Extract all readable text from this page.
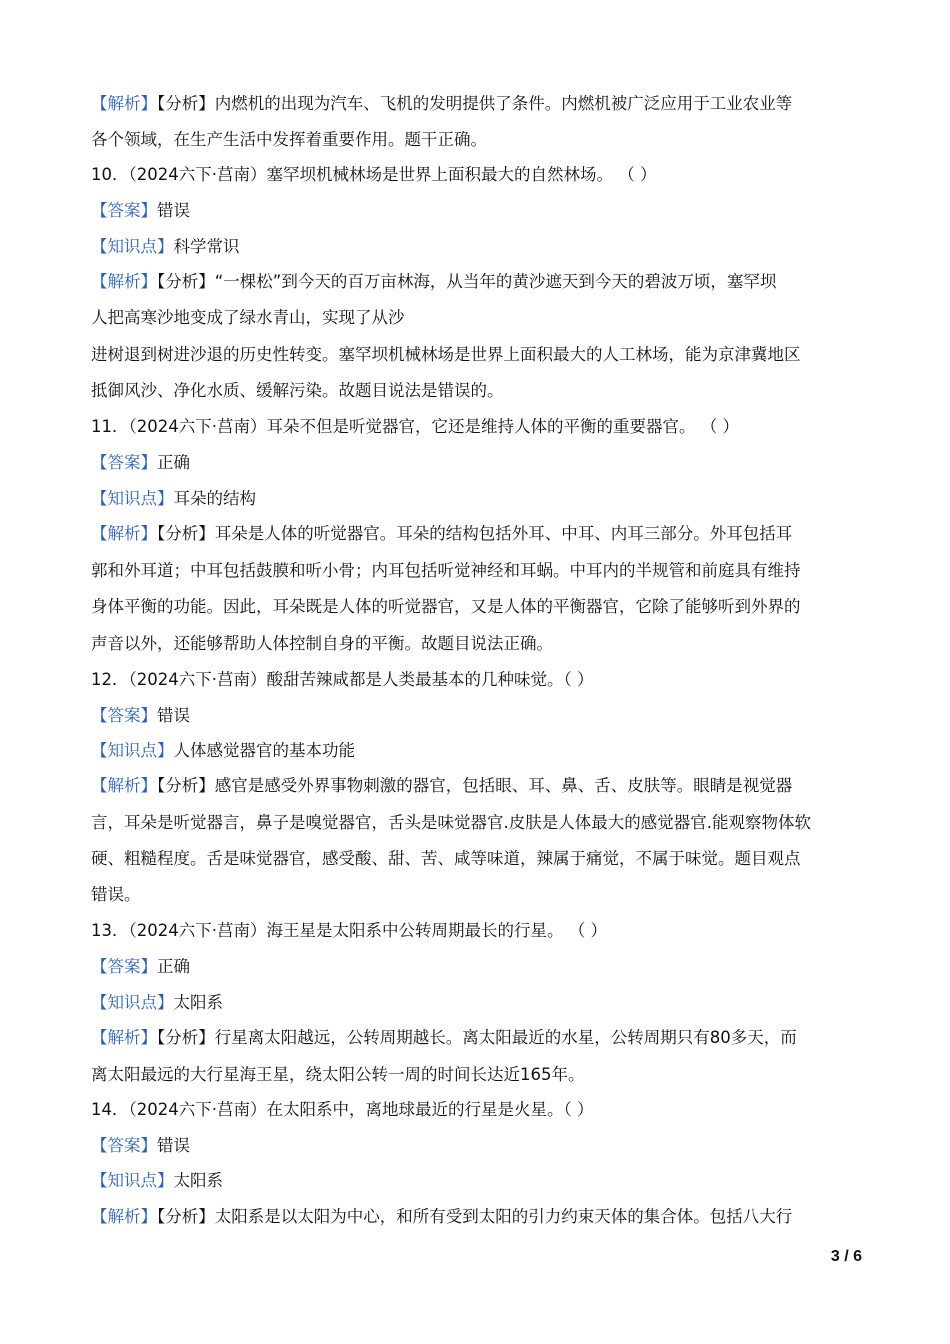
【解析】【分析】内燃机的出现为汽车、飞机的发明提供了条件。内燃机被广泛应用于工业农业等
各个领域，在生产生活中发挥着重要作用。题干正确。
10．（2024六下·莒南）塞罕坝机械林场是世界上面积最大的自然林场。 （ ）
【答案】错误
【知识点】科学常识
【解析】【分析】“一棵松”到今天的百万亩林海，从当年的黄沙遮天到今天的碧波万顷，塞罕坝
人把高寒沙地变成了绿水青山，实现了从沙
进树退到树进沙退的历史性转变。塞罕坝机械林场是世界上面积最大的人工林场，能为京津冀地区
抵御风沙、净化水质、缓解污染。故题目说法是错误的。
11．（2024六下·莒南）耳朵不但是听觉器官，它还是维持人体的平衡的重要器官。 （ ）
【答案】正确
【知识点】耳朵的结构
【解析】【分析】耳朵是人体的听觉器官。耳朵的结构包括外耳、中耳、内耳三部分。外耳包括耳
郭和外耳道；中耳包括鼓膜和听小骨；内耳包括听觉神经和耳蜗。中耳内的半规管和前庭具有维持
身体平衡的功能。因此，耳朵既是人体的听觉器官，又是人体的平衡器官，它除了能够听到外界的
声音以外，还能够帮助人体控制自身的平衡。故题目说法正确。
12．（2024六下·莒南）酸甜苦辣咸都是人类最基本的几种味觉。（ ）
【答案】错误
【知识点】人体感觉器官的基本功能
【解析】【分析】感官是感受外界事物刺激的器官，包括眼、耳、鼻、舌、皮肤等。眼睛是视觉器
言，耳朵是听觉器言，鼻子是嗅觉器官，舌头是味觉器官.皮肤是人体最大的感觉器官.能观察物体软
硬、粗糙程度。舌是味觉器官，感受酸、甜、苦、咸等味道，辣属于痛觉，不属于味觉。题目观点
错误。
13．（2024六下·莒南）海王星是太阳系中公转周期最长的行星。 （ ）
【答案】正确
【知识点】太阳系
【解析】【分析】行星离太阳越远，公转周期越长。离太阳最近的水星，公转周期只有80多天，而
离太阳最远的大行星海王星，绕太阳公转一周的时间长达近165年。
14．（2024六下·莒南）在太阳系中，离地球最近的行星是火星。（ ）
【答案】错误
【知识点】太阳系
【解析】【分析】太阳系是以太阳为中心，和所有受到太阳的引力约束天体的集合体。包括八大行
3 / 6
